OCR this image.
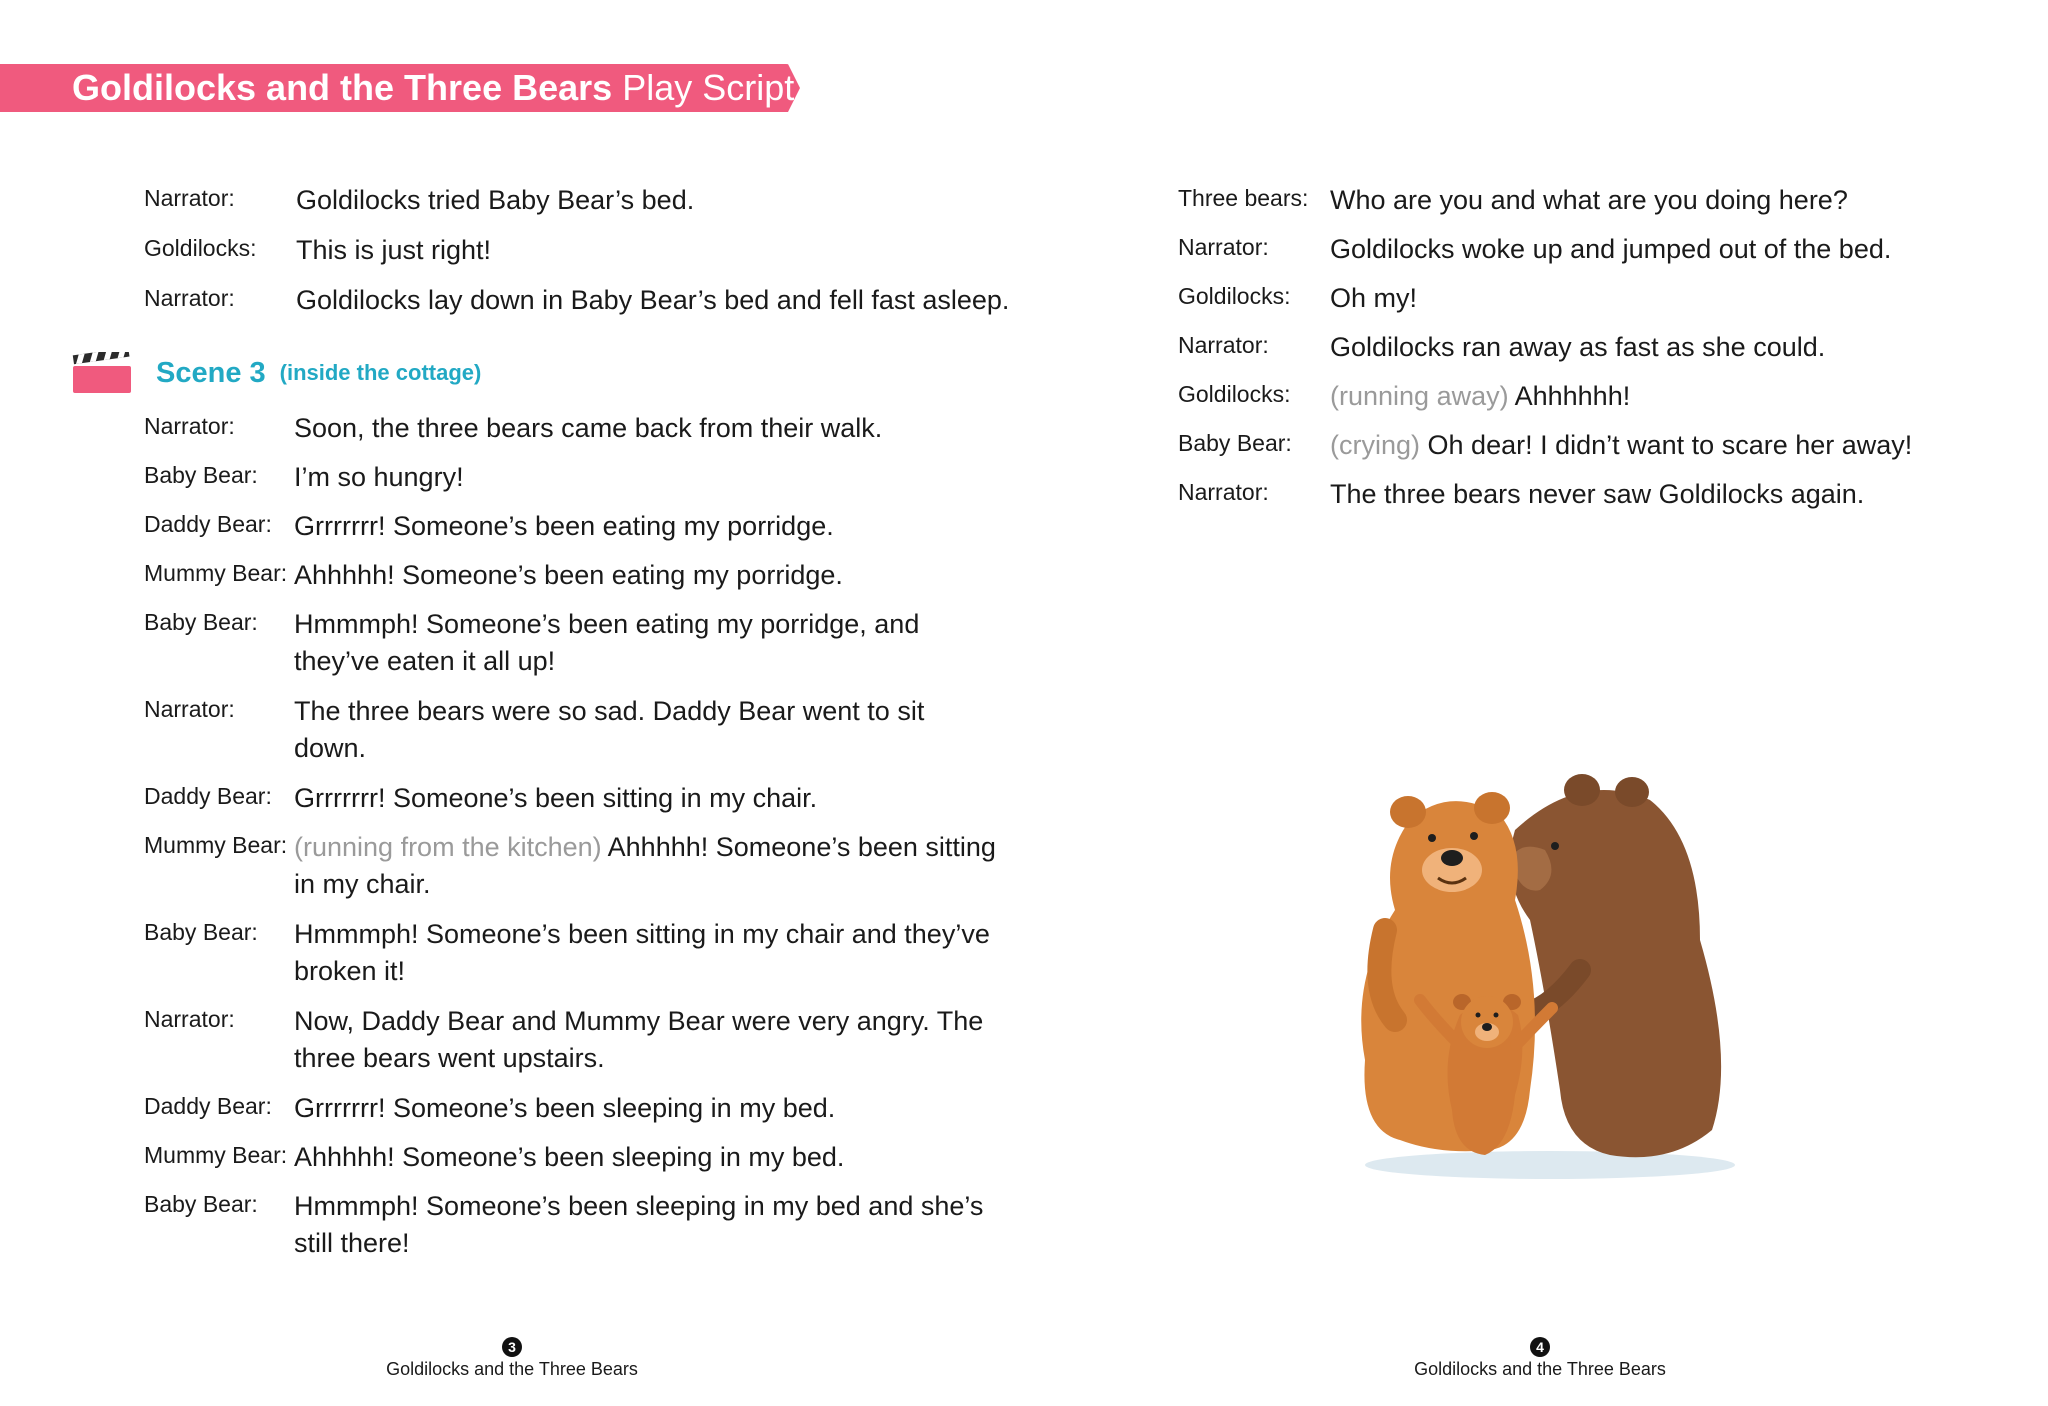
Goldilocks and the Three Bears Play Script
Narrator:	Goldilocks tried Baby Bear’s bed.
Goldilocks:	This is just right!
Narrator:	Goldilocks lay down in Baby Bear’s bed and fell fast asleep.
Scene 3 (inside the cottage)
Narrator:	Soon, the three bears came back from their walk.
Baby Bear:	I’m so hungry!
Daddy Bear: Grrrrrrr! Someone’s been eating my porridge.
Mummy Bear: Ahhhhh! Someone’s been eating my porridge.
Baby Bear:	Hmmmph! Someone’s been eating my porridge, and
they’ve eaten it all up!
Narrator:	The three bears were so sad. Daddy Bear went to sit
down.
Daddy Bear: Grrrrrrr! Someone’s been sitting in my chair.
Mummy Bear: (running from the kitchen) Ahhhhh! Someone’s been sitting
in my chair.
Baby Bear:	Hmmmph! Someone’s been sitting in my chair and they’ve
broken it!
Narrator:	Now, Daddy Bear and Mummy Bear were very angry. The
three bears went upstairs.
Daddy Bear: Grrrrrrr! Someone’s been sleeping in my bed.
Mummy Bear: Ahhhhh! Someone’s been sleeping in my bed.
Baby Bear:	Hmmmph! Someone’s been sleeping in my bed and she’s
still there!
Three bears: Who are you and what are you doing here?
Narrator:	Goldilocks woke up and jumped out of the bed.
Goldilocks:	Oh my!
Narrator:	Goldilocks ran away as fast as she could.
Goldilocks:	(running away) Ahhhhhh!
Baby Bear:	(crying) Oh dear! I didn’t want to scare her away!
Narrator:	The three bears never saw Goldilocks again.
3
Goldilocks and the Three Bears
4
Goldilocks and the Three Bears
